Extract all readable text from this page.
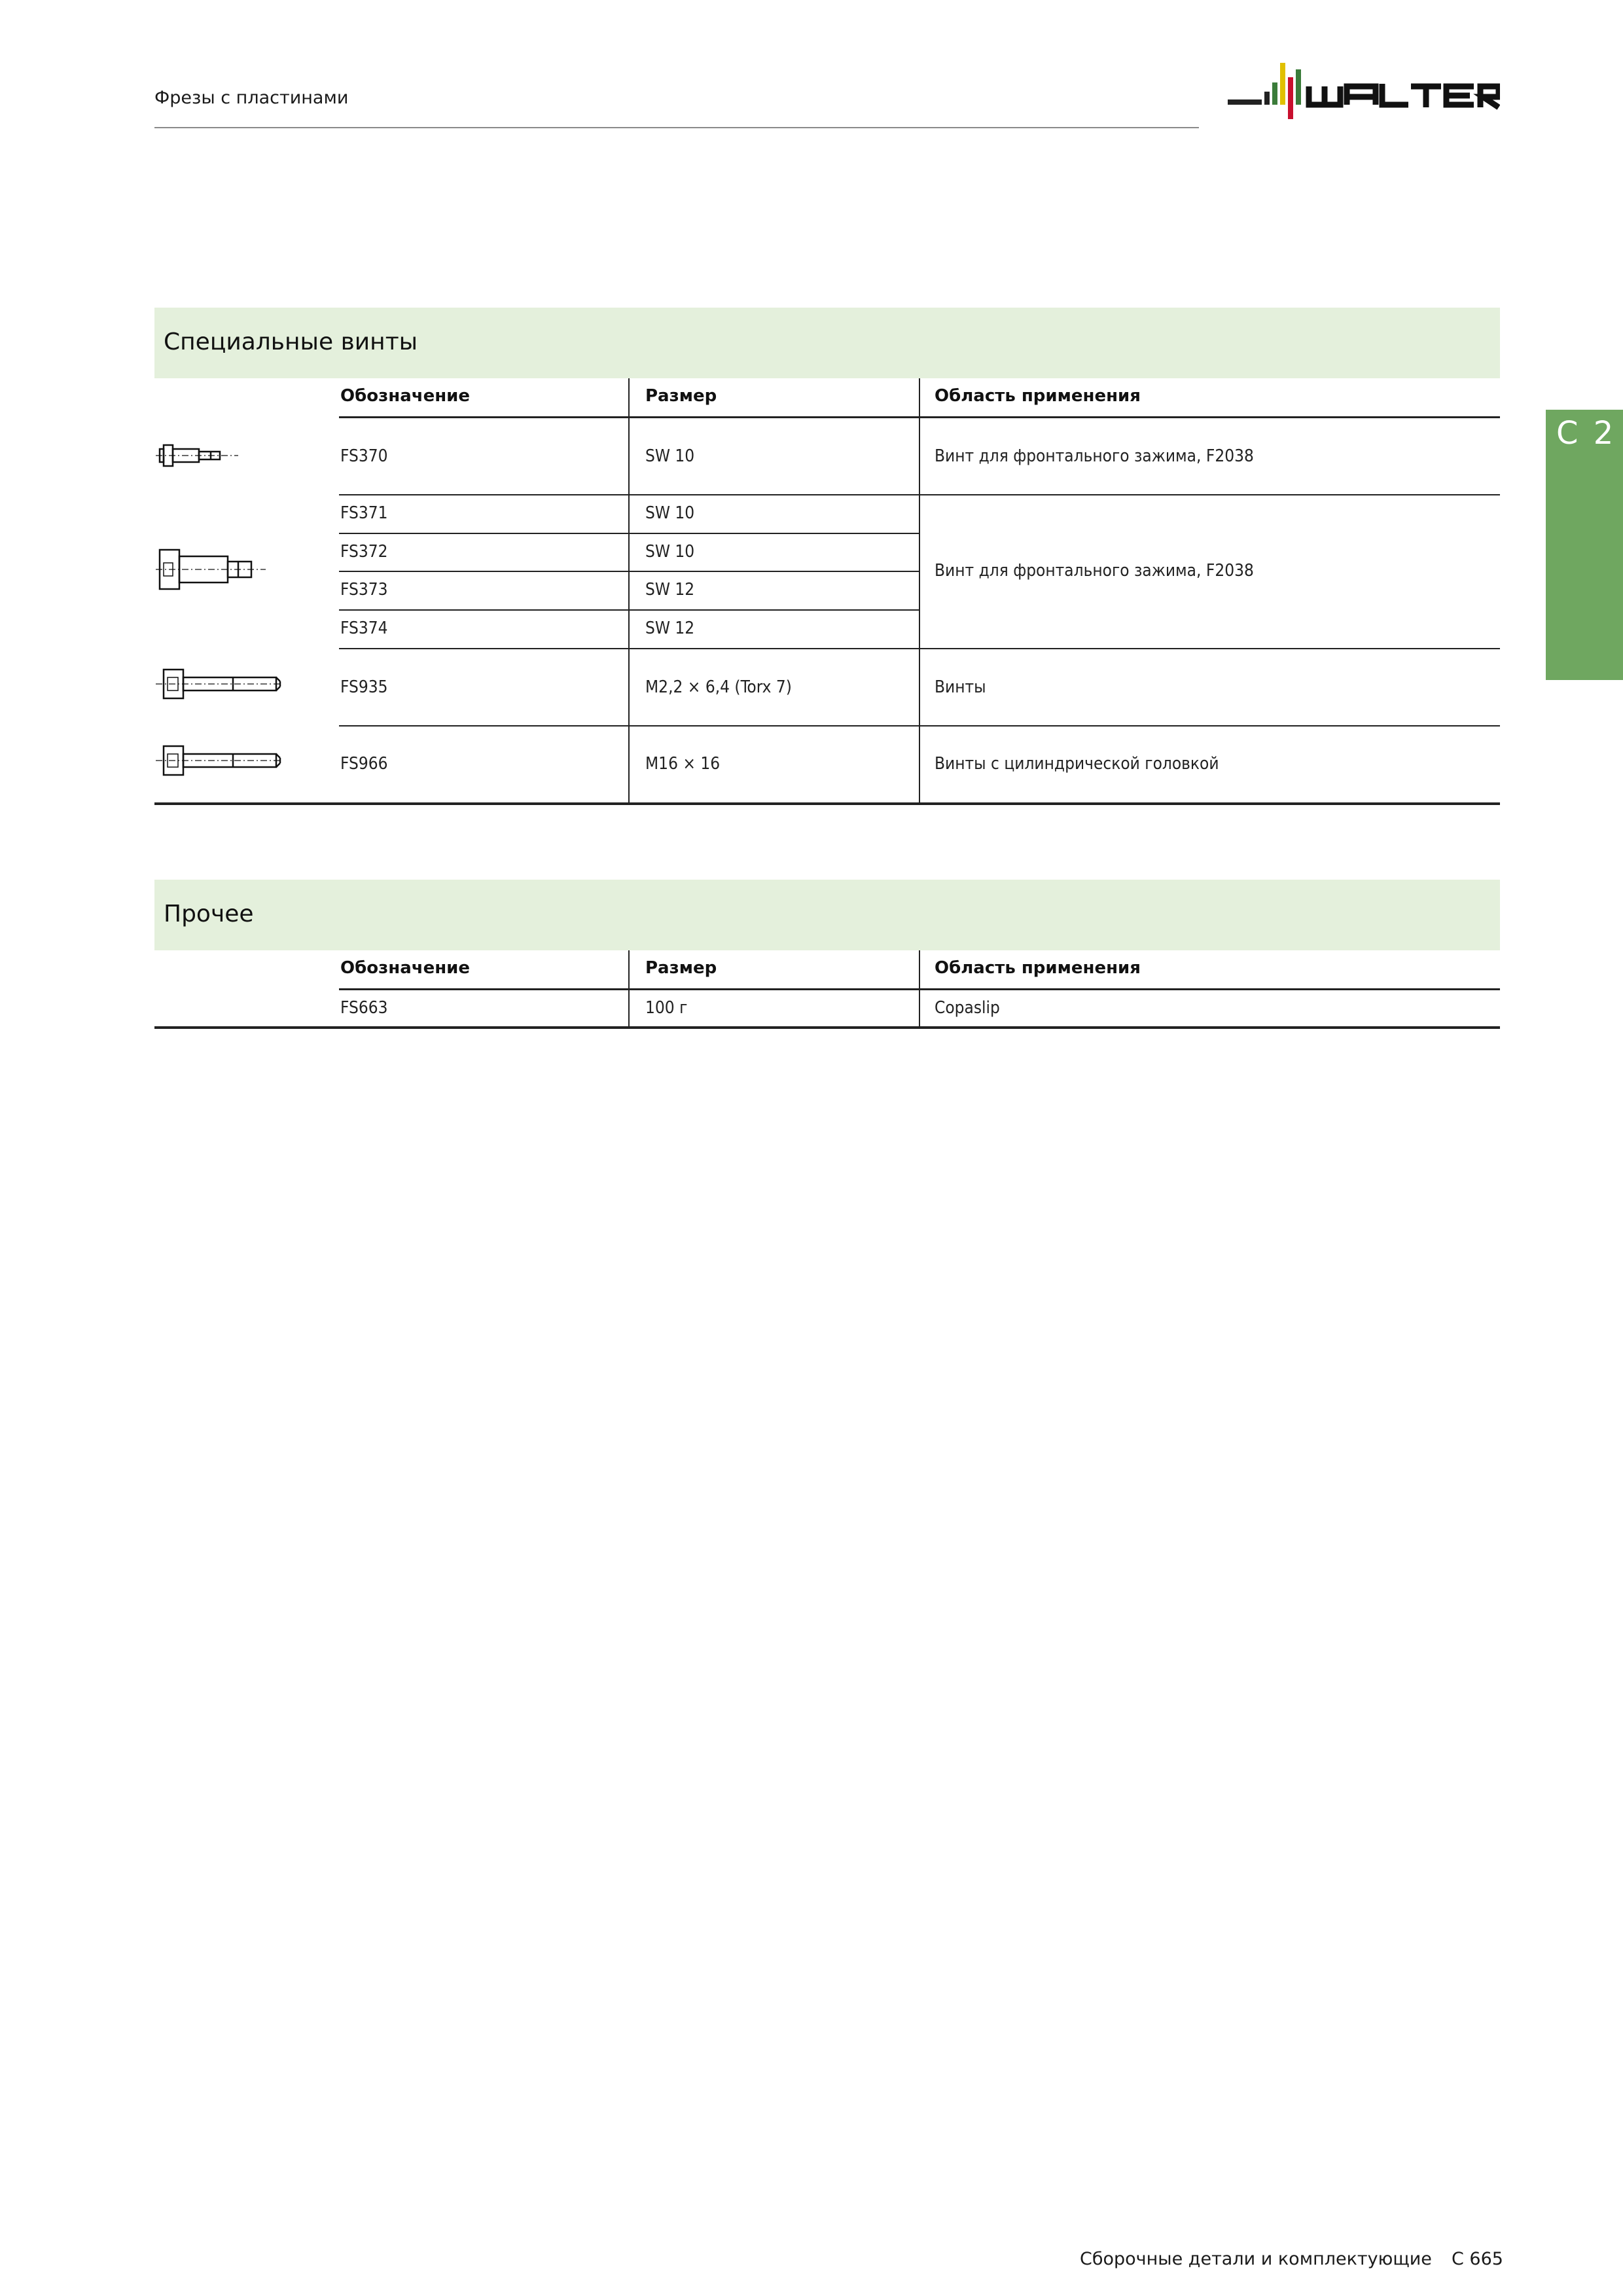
Фрезы с пластинами
C 2
Специальные винты
Обозначение	Размер	Область применения
FS370	SW 10	Винт для фронтального зажима, F2038
FS371	SW 10
FS372	SW 10
FS373	SW 12
FS374	SW 12
Винт для фронтального зажима, F2038
FS935	M2,2 × 6,4 (Torx 7)	Винты
FS966	M16 × 16	Винты с цилиндрической головкой
Прочее
Обозначение	Размер	Область применения
FS663	100 г	Copaslip
Сборочные детали и комплектующие C 665
